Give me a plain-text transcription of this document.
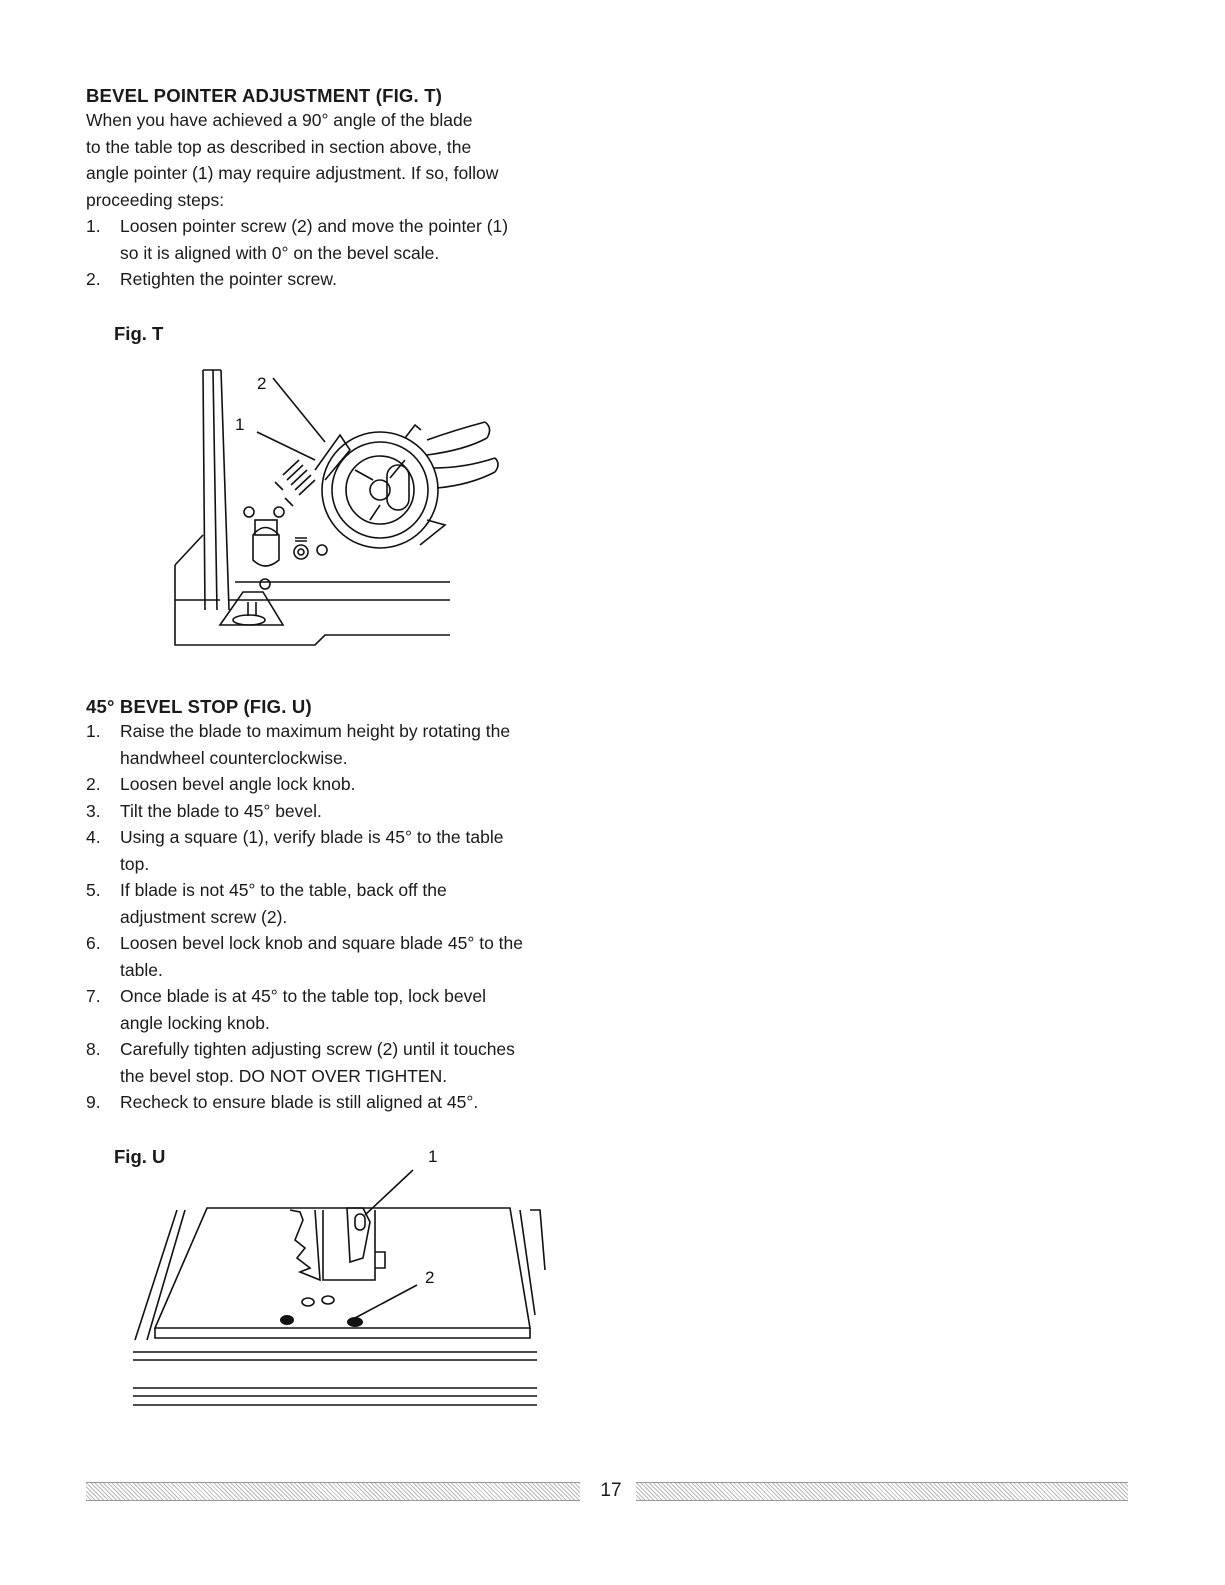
BEVEL POINTER ADJUSTMENT (FIG. T)

When you have achieved a 90° angle of the blade

to the table top as described in section above, the

angle pointer (1) may require adjustment. If so, follow

proceeding steps:

1. Loosen pointer screw (2) and move the pointer (1)
so it is aligned with 0° on the bevel scale.
2. Retighten the pointer screw.
Fig. T
2
1
45° BEVEL STOP (FIG. U)
1. Raise the blade to maximum height by rotating the
handwheel counterclockwise.
2. Loosen bevel angle lock knob.
3. Tilt the blade to 45° bevel.
4. Using a square (1), verify blade is 45° to the table
top.
5. If blade is not 45° to the table, back off the
adjustment screw (2).
6. Loosen bevel lock knob and square blade 45° to the
table.
7. Once blade is at 45° to the table top, lock bevel
angle locking knob.
8. Carefully tighten adjusting screw (2) until it touches
the bevel stop. DO NOT OVER TIGHTEN.
9. Recheck to ensure blade is still aligned at 45°.
Fig. U	1
2
17
